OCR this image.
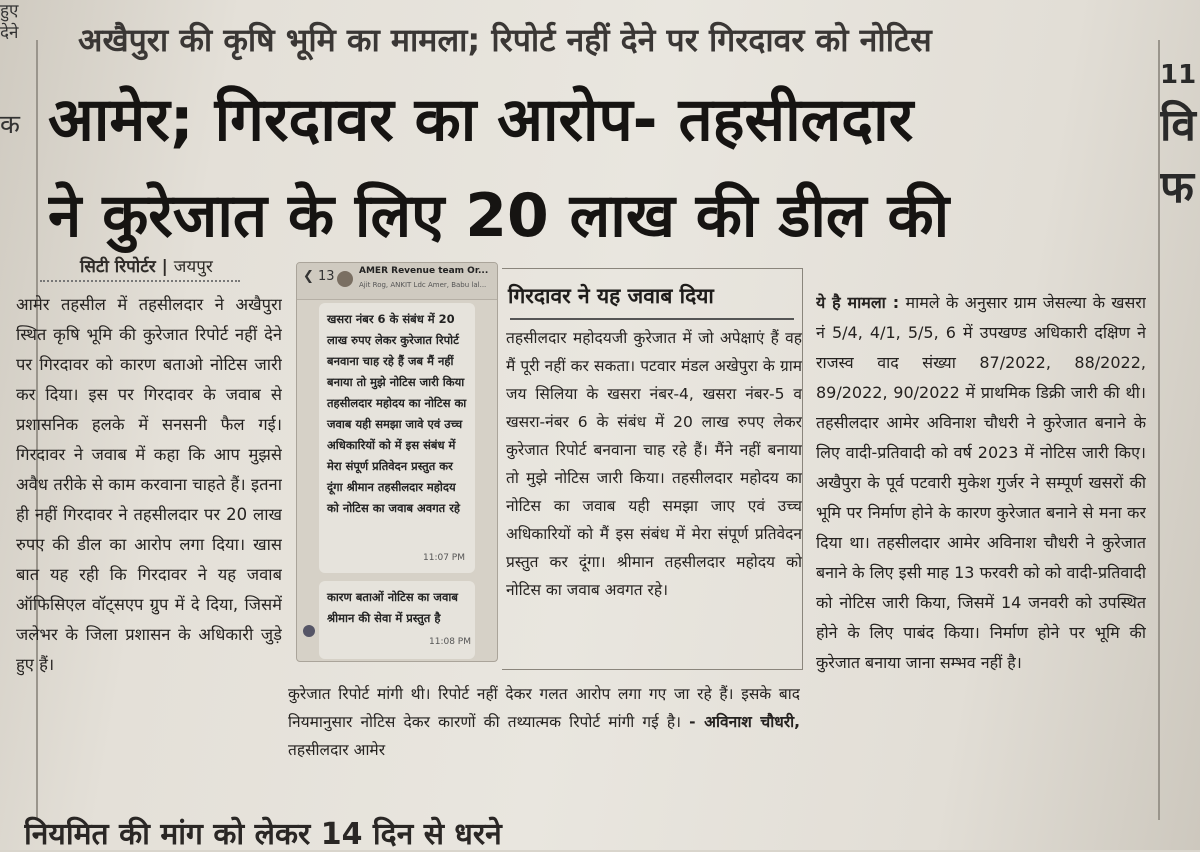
हुए
देने
क
11
वि
फ
अखैपुरा की कृषि भूमि का मामला; रिपोर्ट नहीं देने पर गिरदावर को नोटिस
आमेर; गिरदावर का आरोप- तहसीलदार
ने कुरेजात के लिए 20 लाख की डील की
सिटी रिपोर्टर | जयपुर
आमेर तहसील में तहसीलदार ने अखैपुरा स्थित कृषि भूमि की कुरेजात रिपोर्ट नहीं देने पर गिरदावर को कारण बताओ नोटिस जारी कर दिया। इस पर गिरदावर के जवाब से प्रशासनिक हलके में सनसनी फैल गई। गिरदावर ने जवाब में कहा कि आप मुझसे अवैध तरीके से काम करवाना चाहते हैं। इतना ही नहीं गिरदावर ने तहसीलदार पर 20 लाख रुपए की डील का आरोप लगा दिया। खास बात यह रही कि गिरदावर ने यह जवाब ऑफिसिएल वॉट्सएप ग्रुप में दे दिया, जिसमें जलेभर के जिला प्रशासन के अधिकारी जुड़े हुए हैं।
❮ 13	AMER Revenue team Or...
Ajit Rog, ANKIT Ldc Amer, Babu lal...
खसरा नंबर 6 के संबंध में 20 लाख रुपए लेकर कुरेजात रिपोर्ट बनवाना चाह रहे हैं जब मैं नहीं बनाया तो मुझे नोटिस जारी किया तहसीलदार महोदय का नोटिस का जवाब यही समझा जावे एवं उच्च अधिकारियों को में इस संबंध में मेरा संपूर्ण प्रतिवेदन प्रस्तुत कर दूंगा श्रीमान तहसीलदार महोदय को नोटिस का जवाब अवगत रहे
11:07 PM
कारण बताओं नोटिस का जवाब श्रीमान की सेवा में प्रस्तुत है
11:08 PM
गिरदावर ने यह जवाब दिया
तहसीलदार महोदयजी कुरेजात में जो अपेक्षाएं हैं वह मैं पूरी नहीं कर सकता। पटवार मंडल अखेपुरा के ग्राम जय सिलिया के खसरा नंबर-4, खसरा नंबर-5 व खसरा-नंबर 6 के संबंध में 20 लाख रुपए लेकर कुरेजात रिपोर्ट बनवाना चाह रहे हैं। मैंने नहीं बनाया तो मुझे नोटिस जारी किया। तहसीलदार महोदय का नोटिस का जवाब यही समझा जाए एवं उच्च अधिकारियों को मैं इस संबंध में मेरा संपूर्ण प्रतिवेदन प्रस्तुत कर दूंगा। श्रीमान तहसीलदार महोदय को नोटिस का जवाब अवगत रहे।
कुरेजात रिपोर्ट मांगी थी। रिपोर्ट नहीं देकर गलत आरोप लगा गए जा रहे हैं। इसके बाद नियमानुसार नोटिस देकर कारणों की तथ्यात्मक रिपोर्ट मांगी गई है। - अविनाश चौधरी, तहसीलदार आमेर
ये है मामला : मामले के अनुसार ग्राम जेसल्या के खसरा नं 5/4, 4/1, 5/5, 6 में उपखण्ड अधिकारी दक्षिण ने राजस्व वाद संख्या 87/2022, 88/2022, 89/2022, 90/2022 में प्राथमिक डिक्री जारी की थी। तहसीलदार आमेर अविनाश चौधरी ने कुरेजात बनाने के लिए वादी-प्रतिवादी को वर्ष 2023 में नोटिस जारी किए। अखैपुरा के पूर्व पटवारी मुकेश गुर्जर ने सम्पूर्ण खसरों की भूमि पर निर्माण होने के कारण कुरेजात बनाने से मना कर दिया था। तहसीलदार आमेर अविनाश चौधरी ने कुरेजात बनाने के लिए इसी माह 13 फरवरी को को वादी-प्रतिवादी को नोटिस जारी किया, जिसमें 14 जनवरी को उपस्थित होने के लिए पाबंद किया। निर्माण होने पर भूमि की कुरेजात बनाया जाना सम्भव नहीं है।
नियमित की मांग को लेकर 14 दिन से धरने
